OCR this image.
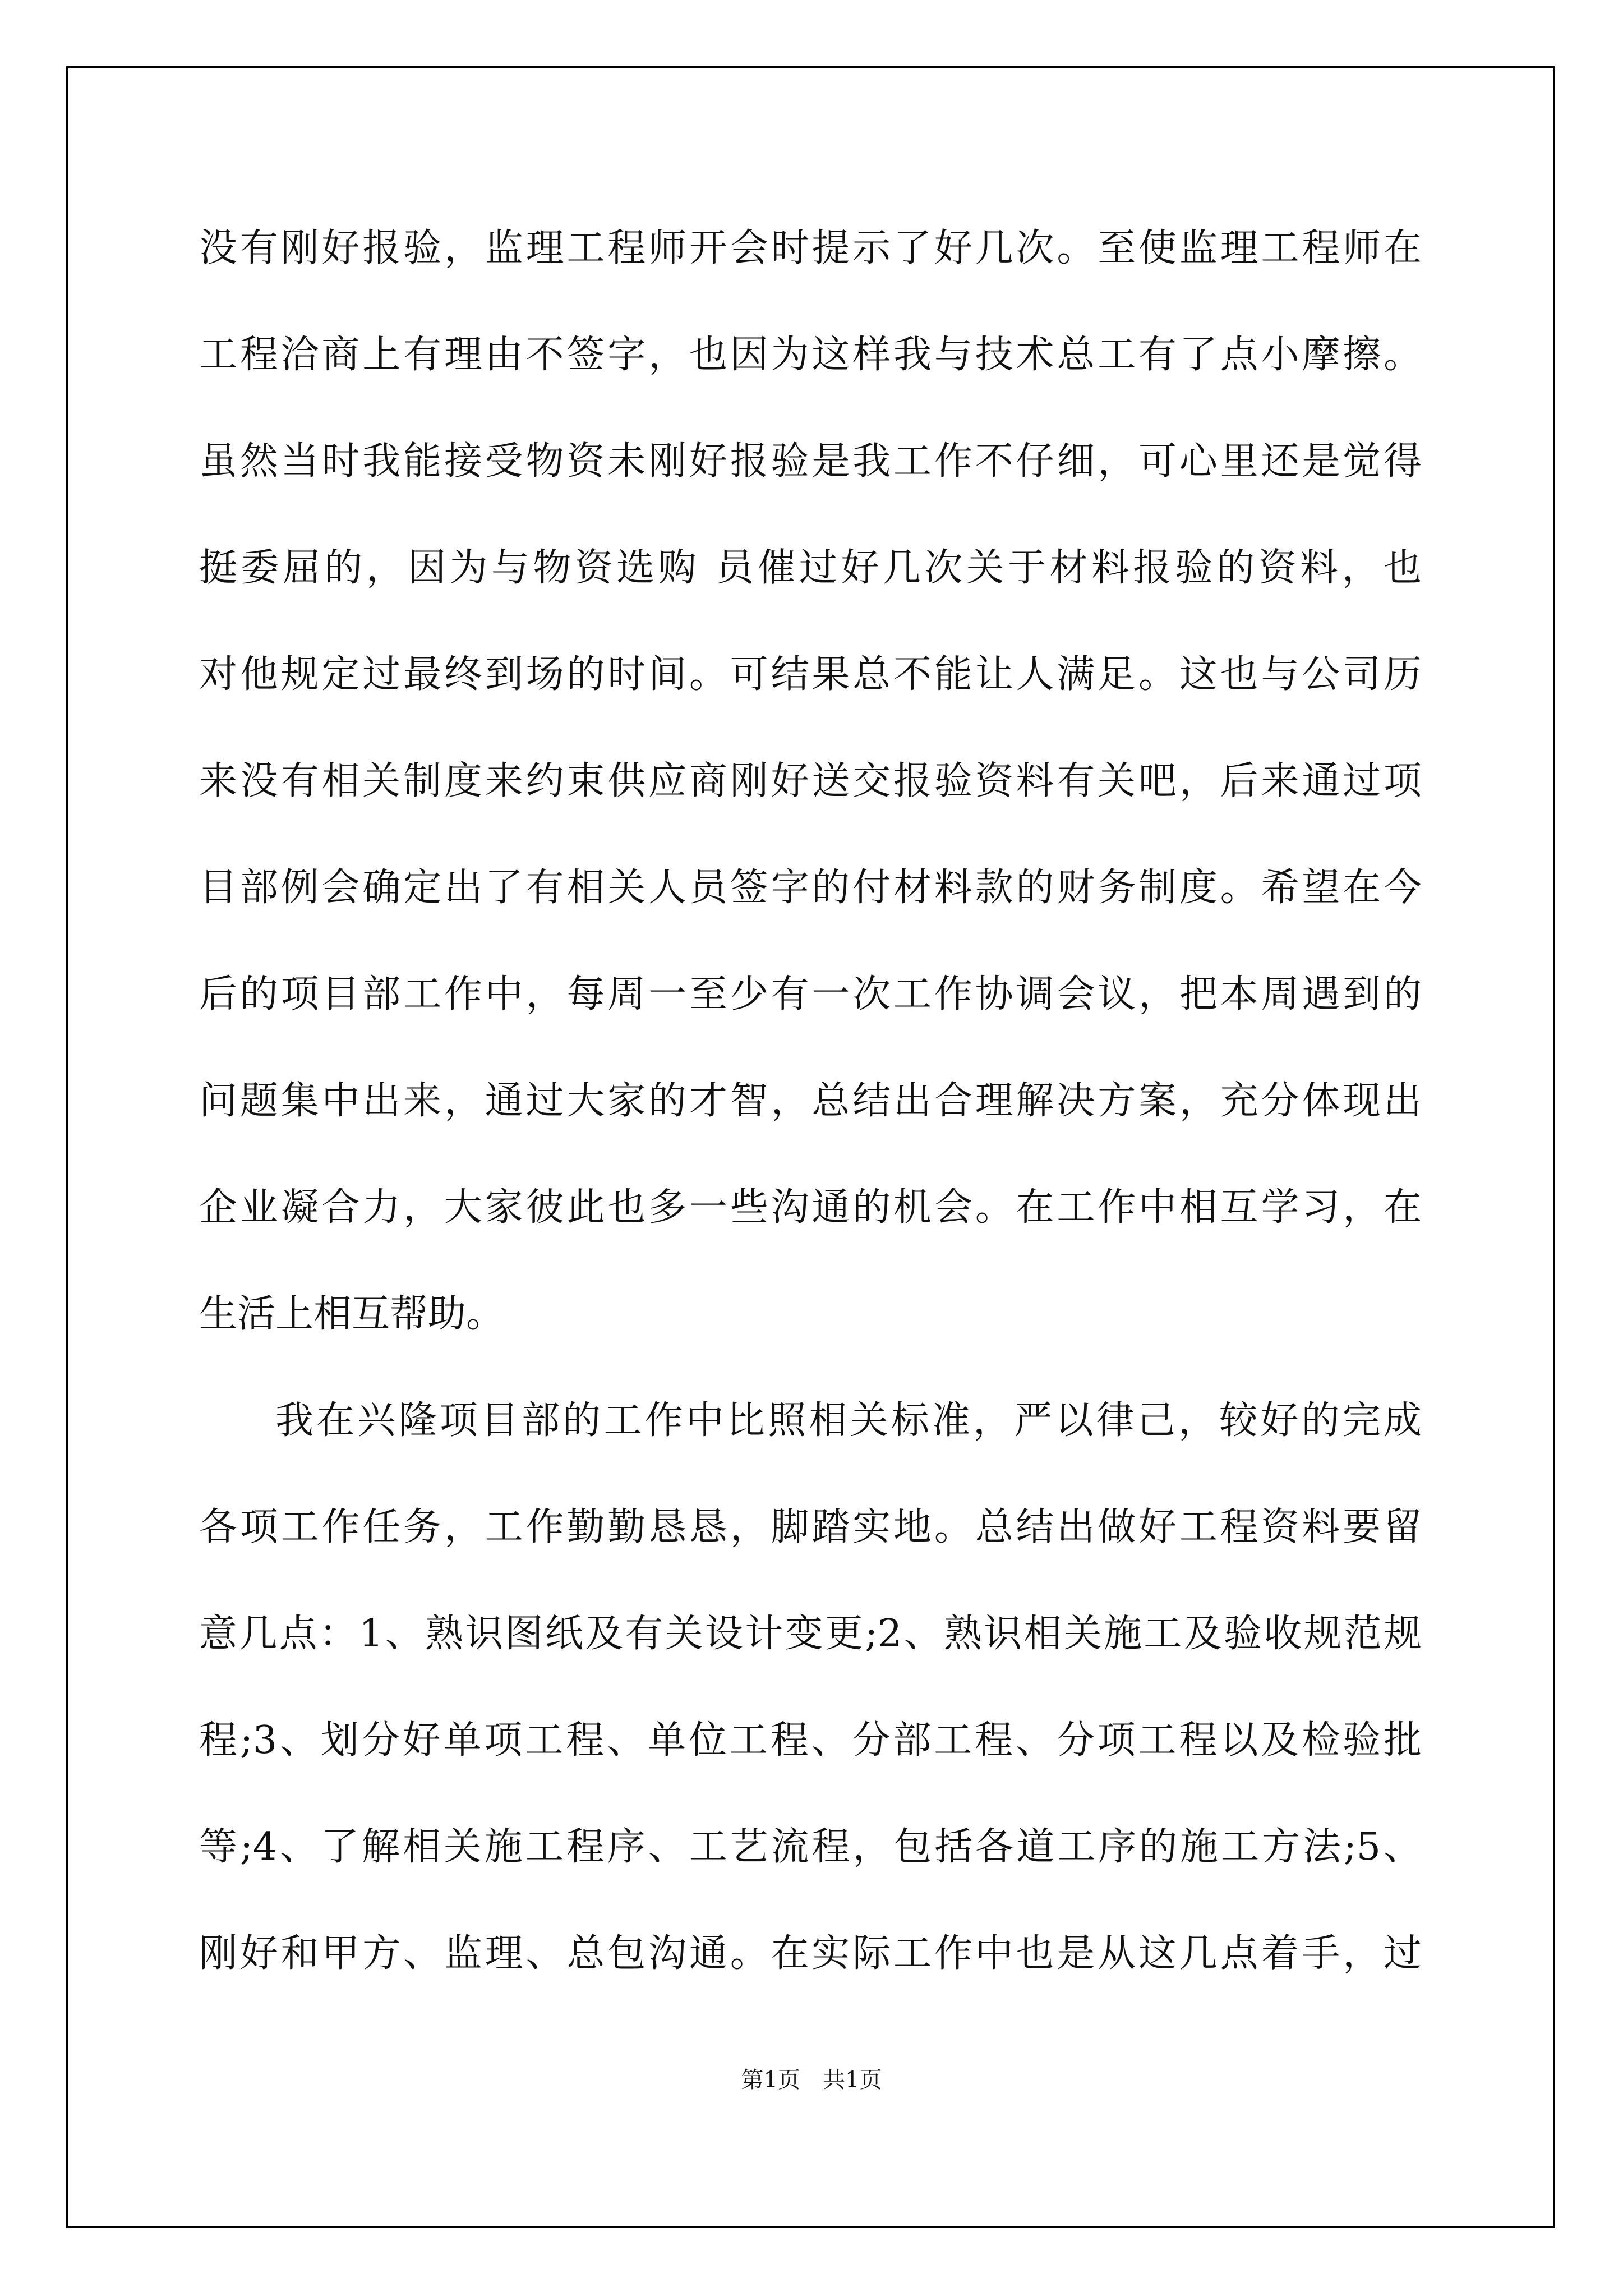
没有刚好报验，监理工程师开会时提示了好几次。至使监理工程师在
工程洽商上有理由不签字，也因为这样我与技术总工有了点小摩擦。
虽然当时我能接受物资未刚好报验是我工作不仔细，可心里还是觉得
挺委屈的，因为与物资选购 员催过好几次关于材料报验的资料，也
对他规定过最终到场的时间。可结果总不能让人满足。这也与公司历
来没有相关制度来约束供应商刚好送交报验资料有关吧，后来通过项
目部例会确定出了有相关人员签字的付材料款的财务制度。希望在今
后的项目部工作中，每周一至少有一次工作协调会议，把本周遇到的
问题集中出来，通过大家的才智，总结出合理解决方案，充分体现出
企业凝合力，大家彼此也多一些沟通的机会。在工作中相互学习，在
生活上相互帮助。
我在兴隆项目部的工作中比照相关标准，严以律己，较好的完成
各项工作任务，工作勤勤恳恳，脚踏实地。总结出做好工程资料要留
意几点：1、熟识图纸及有关设计变更;2、熟识相关施工及验收规范规
程;3、划分好单项工程、单位工程、分部工程、分项工程以及检验批
等;4、了解相关施工程序、工艺流程，包括各道工序的施工方法;5、
刚好和甲方、监理、总包沟通。在实际工作中也是从这几点着手，过
第1页　共1页
